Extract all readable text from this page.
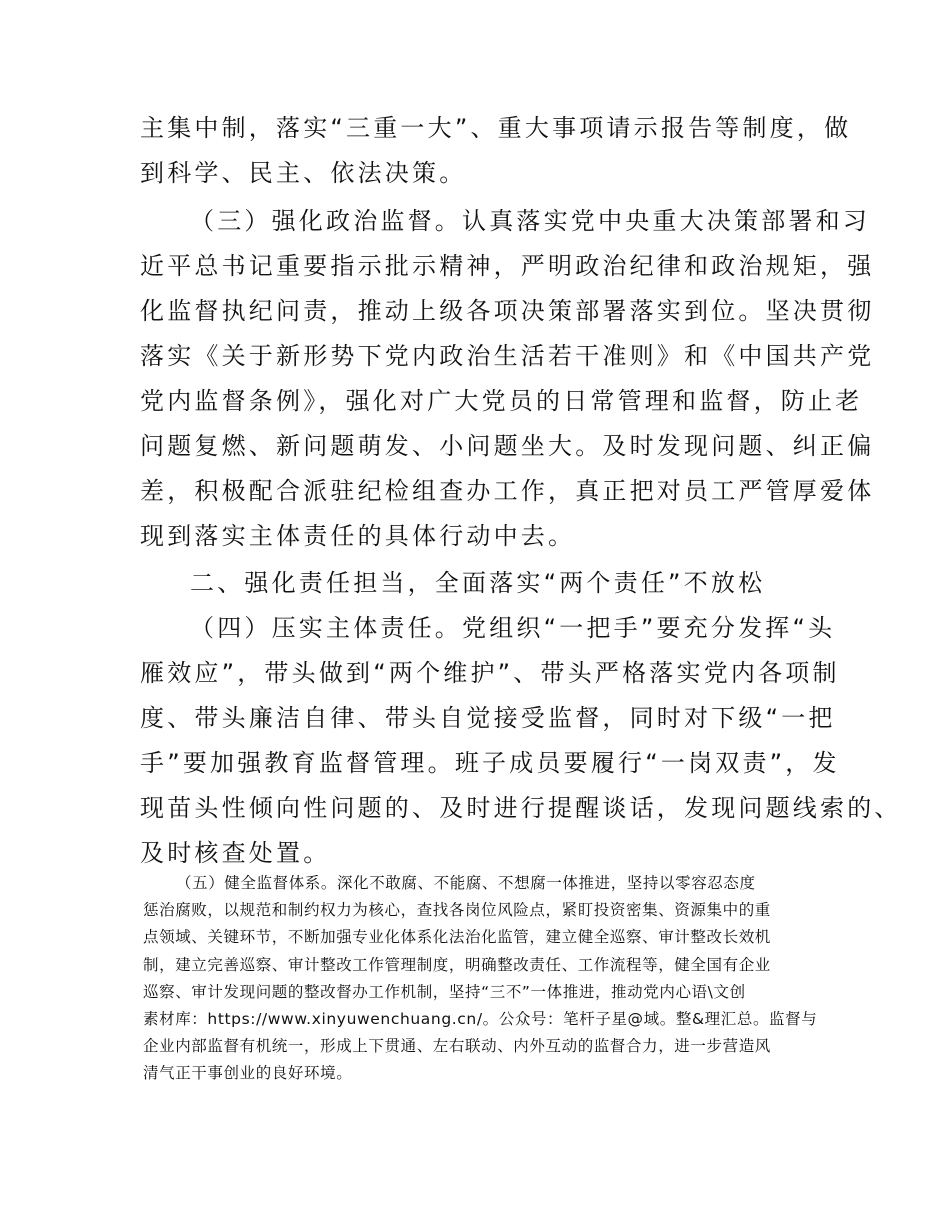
主集中制，落实“三重一大”、重大事项请示报告等制度，做
到科学、民主、依法决策。
（三）强化政治监督。认真落实党中央重大决策部署和习
近平总书记重要指示批示精神，严明政治纪律和政治规矩，强
化监督执纪问责，推动上级各项决策部署落实到位。坚决贯彻
落实《关于新形势下党内政治生活若干准则》和《中国共产党
党内监督条例》，强化对广大党员的日常管理和监督，防止老
问题复燃、新问题萌发、小问题坐大。及时发现问题、纠正偏
差，积极配合派驻纪检组查办工作，真正把对员工严管厚爱体
现到落实主体责任的具体行动中去。
二、强化责任担当，全面落实“两个责任”不放松
（四）压实主体责任。党组织“一把手”要充分发挥“头
雁效应”，带头做到“两个维护”、带头严格落实党内各项制
度、带头廉洁自律、带头自觉接受监督，同时对下级“一把
手”要加强教育监督管理。班子成员要履行“一岗双责”，发
现苗头性倾向性问题的、及时进行提醒谈话，发现问题线索的、
及时核查处置。
（五）健全监督体系。深化不敢腐、不能腐、不想腐一体推进，坚持以零容忍态度
惩治腐败，以规范和制约权力为核心，查找各岗位风险点，紧盯投资密集、资源集中的重
点领域、关键环节，不断加强专业化体系化法治化监管，建立健全巡察、审计整改长效机
制，建立完善巡察、审计整改工作管理制度，明确整改责任、工作流程等，健全国有企业
巡察、审计发现问题的整改督办工作机制，坚持“三不”一体推进，推动党内心语\文创
素材库：https://www.xinyuwenchuang.cn/。公众号：笔杆子星@域。整&理汇总。监督与
企业内部监督有机统一，形成上下贯通、左右联动、内外互动的监督合力，进一步营造风
清气正干事创业的良好环境。
